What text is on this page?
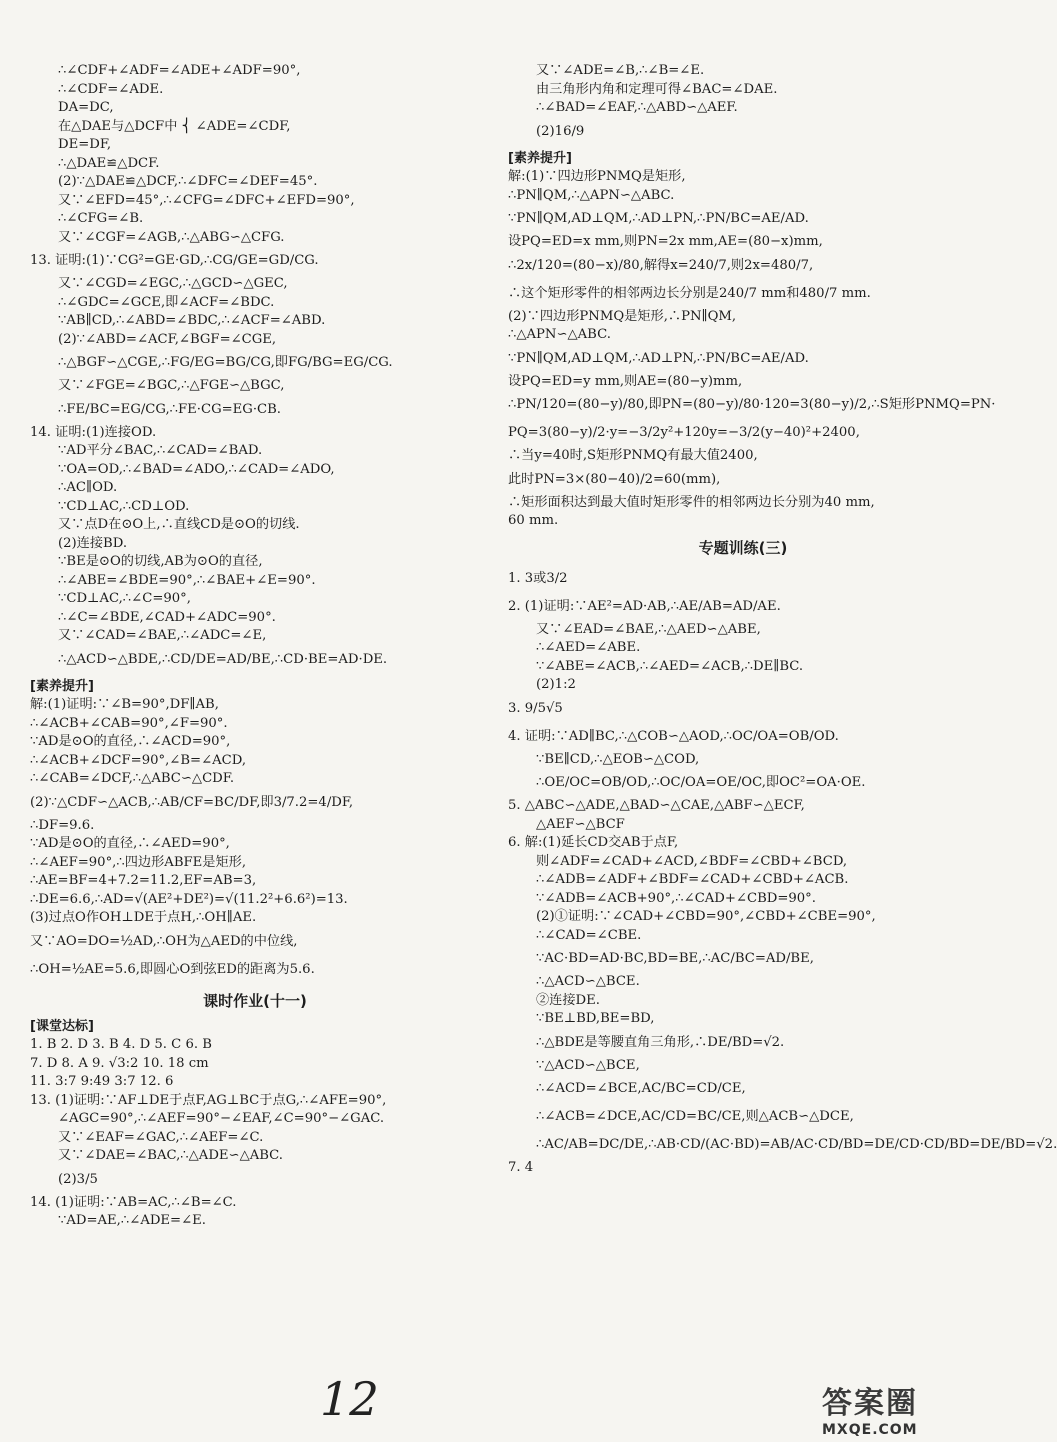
∴∠CDF+∠ADF=∠ADE+∠ADF=90°,
∴∠CDF=∠ADE.
DA=DC,
在△DAE与△DCF中 ⎨ ∠ADE=∠CDF,
DE=DF,
∴△DAE≌△DCF.
(2)∵△DAE≌△DCF,∴∠DFC=∠DEF=45°.
又∵∠EFD=45°,∴∠CFG=∠DFC+∠EFD=90°,
∴∠CFG=∠B.
又∵∠CGF=∠AGB,∴△ABG∽△CFG.
13. 证明:(1)∵CG²=GE·GD,∴CG/GE=GD/CG.
又∵∠CGD=∠EGC,∴△GCD∽△GEC,
∴∠GDC=∠GCE,即∠ACF=∠BDC.
∵AB∥CD,∴∠ABD=∠BDC,∴∠ACF=∠ABD.
(2)∵∠ABD=∠ACF,∠BGF=∠CGE,
∴△BGF∽△CGE,∴FG/EG=BG/CG,即FG/BG=EG/CG.
又∵∠FGE=∠BGC,∴△FGE∽△BGC,
∴FE/BC=EG/CG,∴FE·CG=EG·CB.
14. 证明:(1)连接OD.
∵AD平分∠BAC,∴∠CAD=∠BAD.
∵OA=OD,∴∠BAD=∠ADO,∴∠CAD=∠ADO,
∴AC∥OD.
∵CD⊥AC,∴CD⊥OD.
又∵点D在⊙O上,∴直线CD是⊙O的切线.
(2)连接BD.
∵BE是⊙O的切线,AB为⊙O的直径,
∴∠ABE=∠BDE=90°,∴∠BAE+∠E=90°.
∵CD⊥AC,∴∠C=90°,
∴∠C=∠BDE,∠CAD+∠ADC=90°.
又∵∠CAD=∠BAE,∴∠ADC=∠E,
∴△ACD∽△BDE,∴CD/DE=AD/BE,∴CD·BE=AD·DE.
[素养提升]
解:(1)证明:∵∠B=90°,DF∥AB,
∴∠ACB+∠CAB=90°,∠F=90°.
∵AD是⊙O的直径,∴∠ACD=90°,
∴∠ACB+∠DCF=90°,∠B=∠ACD,
∴∠CAB=∠DCF,∴△ABC∽△CDF.
(2)∵△CDF∽△ACB,∴AB/CF=BC/DF,即3/7.2=4/DF,
∴DF=9.6.
∵AD是⊙O的直径,∴∠AED=90°,
∴∠AEF=90°,∴四边形ABFE是矩形,
∴AE=BF=4+7.2=11.2,EF=AB=3,
∴DE=6.6,∴AD=√(AE²+DE²)=√(11.2²+6.6²)=13.
(3)过点O作OH⊥DE于点H,∴OH∥AE.
又∵AO=DO=½AD,∴OH为△AED的中位线,
∴OH=½AE=5.6,即圆心O到弦ED的距离为5.6.
课时作业(十一)
[课堂达标]
1. B 2. D 3. B 4. D 5. C 6. B
7. D 8. A 9. √3:2 10. 18 cm
11. 3:7 9:49 3:7 12. 6
13. (1)证明:∵AF⊥DE于点F,AG⊥BC于点G,∴∠AFE=90°,
∠AGC=90°,∴∠AEF=90°−∠EAF,∠C=90°−∠GAC.
又∵∠EAF=∠GAC,∴∠AEF=∠C.
又∵∠DAE=∠BAC,∴△ADE∽△ABC.
(2)3/5
14. (1)证明:∵AB=AC,∴∠B=∠C.
∵AD=AE,∴∠ADE=∠E.
又∵∠ADE=∠B,∴∠B=∠E.
由三角形内角和定理可得∠BAC=∠DAE.
∴∠BAD=∠EAF,∴△ABD∽△AEF.
(2)16/9
[素养提升]
解:(1)∵四边形PNMQ是矩形,
∴PN∥QM,∴△APN∽△ABC.
∵PN∥QM,AD⊥QM,∴AD⊥PN,∴PN/BC=AE/AD.
设PQ=ED=x mm,则PN=2x mm,AE=(80−x)mm,
∴2x/120=(80−x)/80,解得x=240/7,则2x=480/7,
∴这个矩形零件的相邻两边长分别是240/7 mm和480/7 mm.
(2)∵四边形PNMQ是矩形,∴PN∥QM,
∴△APN∽△ABC.
∵PN∥QM,AD⊥QM,∴AD⊥PN,∴PN/BC=AE/AD.
设PQ=ED=y mm,则AE=(80−y)mm,
∴PN/120=(80−y)/80,即PN=(80−y)/80·120=3(80−y)/2,∴S矩形PNMQ=PN·
PQ=3(80−y)/2·y=−3/2y²+120y=−3/2(y−40)²+2400,
∴当y=40时,S矩形PNMQ有最大值2400,
此时PN=3×(80−40)/2=60(mm),
∴矩形面积达到最大值时矩形零件的相邻两边长分别为40 mm,
60 mm.
专题训练(三)
1. 3或3/2
2. (1)证明:∵AE²=AD·AB,∴AE/AB=AD/AE.
又∵∠EAD=∠BAE,∴△AED∽△ABE,
∴∠AED=∠ABE.
∵∠ABE=∠ACB,∴∠AED=∠ACB,∴DE∥BC.
(2)1:2
3. 9/5√5
4. 证明:∵AD∥BC,∴△COB∽△AOD,∴OC/OA=OB/OD.
∵BE∥CD,∴△EOB∽△COD,
∴OE/OC=OB/OD,∴OC/OA=OE/OC,即OC²=OA·OE.
5. △ABC∽△ADE,△BAD∽△CAE,△ABF∽△ECF,
△AEF∽△BCF
6. 解:(1)延长CD交AB于点F,
则∠ADF=∠CAD+∠ACD,∠BDF=∠CBD+∠BCD,
∴∠ADB=∠ADF+∠BDF=∠CAD+∠CBD+∠ACB.
∵∠ADB=∠ACB+90°,∴∠CAD+∠CBD=90°.
(2)①证明:∵∠CAD+∠CBD=90°,∠CBD+∠CBE=90°,
∴∠CAD=∠CBE.
∵AC·BD=AD·BC,BD=BE,∴AC/BC=AD/BE,
∴△ACD∽△BCE.
②连接DE.
∵BE⊥BD,BE=BD,
∴△BDE是等腰直角三角形,∴DE/BD=√2.
∵△ACD∽△BCE,
∴∠ACD=∠BCE,AC/BC=CD/CE,
∴∠ACB=∠DCE,AC/CD=BC/CE,则△ACB∽△DCE,
∴AC/AB=DC/DE,∴AB·CD/(AC·BD)=AB/AC·CD/BD=DE/CD·CD/BD=DE/BD=√2.
7. 4
12	答案圈
MXQE.COM
